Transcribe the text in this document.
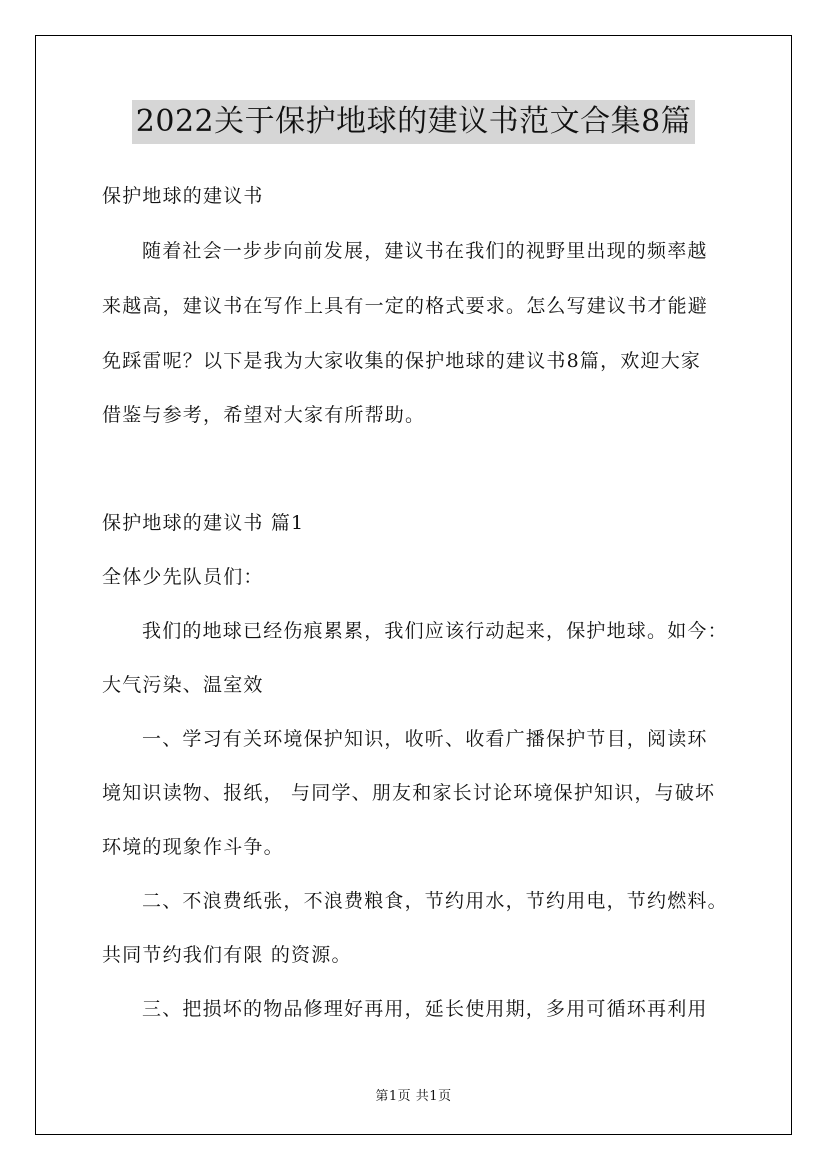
2022关于保护地球的建议书范文合集8篇
保护地球的建议书
随着社会一步步向前发展，建议书在我们的视野里出现的频率越
来越高，建议书在写作上具有一定的格式要求。怎么写建议书才能避
免踩雷呢？以下是我为大家收集的保护地球的建议书8篇，欢迎大家
借鉴与参考，希望对大家有所帮助。
保护地球的建议书 篇1
全体少先队员们：
我们的地球已经伤痕累累，我们应该行动起来，保护地球。如今：
大气污染、温室效
一、学习有关环境保护知识，收听、收看广播保护节目，阅读环
境知识读物、报纸， 与同学、朋友和家长讨论环境保护知识，与破坏
环境的现象作斗争。
二、不浪费纸张，不浪费粮食，节约用水，节约用电，节约燃料。
共同节约我们有限 的资源。
三、把损坏的物品修理好再用，延长使用期，多用可循环再利用
第1页 共1页
